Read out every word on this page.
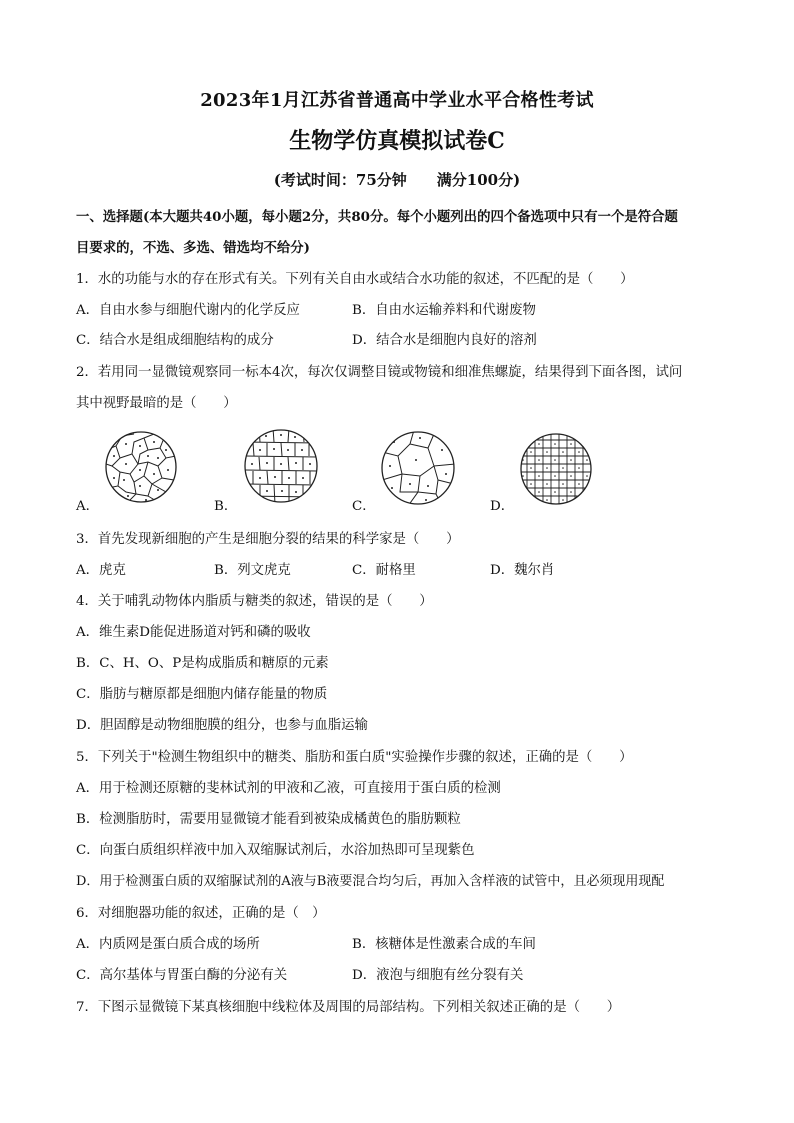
2023年1月江苏省普通高中学业水平合格性考试
生物学仿真模拟试卷C
(考试时间：75分钟　　满分100分)
一、选择题(本大题共40小题，每小题2分，共80分。每个小题列出的四个备选项中只有一个是符合题
目要求的，不选、多选、错选均不给分)
1．水的功能与水的存在形式有关。下列有关自由水或结合水功能的叙述，不匹配的是（　　）
A．自由水参与细胞代谢内的化学反应	B．自由水运输养料和代谢废物
C．结合水是组成细胞结构的成分	D．结合水是细胞内良好的溶剂
2．若用同一显微镜观察同一标本4次，每次仅调整目镜或物镜和细准焦螺旋，结果得到下面各图，试问
其中视野最暗的是（　　）
A．	B．	C．	D．
3．首先发现新细胞的产生是细胞分裂的结果的科学家是（　　）
A．虎克	B．列文虎克	C．耐格里	D．魏尔肖
4．关于哺乳动物体内脂质与糖类的叙述，错误的是（　　）
A．维生素D能促进肠道对钙和磷的吸收
B．C、H、O、P是构成脂质和糖原的元素
C．脂肪与糖原都是细胞内储存能量的物质
D．胆固醇是动物细胞膜的组分，也参与血脂运输
5．下列关于"检测生物组织中的糖类、脂肪和蛋白质"实验操作步骤的叙述，正确的是（　　）
A．用于检测还原糖的斐林试剂的甲液和乙液，可直接用于蛋白质的检测
B．检测脂肪时，需要用显微镜才能看到被染成橘黄色的脂肪颗粒
C．向蛋白质组织样液中加入双缩脲试剂后，水浴加热即可呈现紫色
D．用于检测蛋白质的双缩脲试剂的A液与B液要混合均匀后，再加入含样液的试管中，且必须现用现配
6．对细胞器功能的叙述，正确的是（　）
A．内质网是蛋白质合成的场所	B．核糖体是性激素合成的车间
C．高尔基体与胃蛋白酶的分泌有关	D．液泡与细胞有丝分裂有关
7．下图示显微镜下某真核细胞中线粒体及周围的局部结构。下列相关叙述正确的是（　　）
